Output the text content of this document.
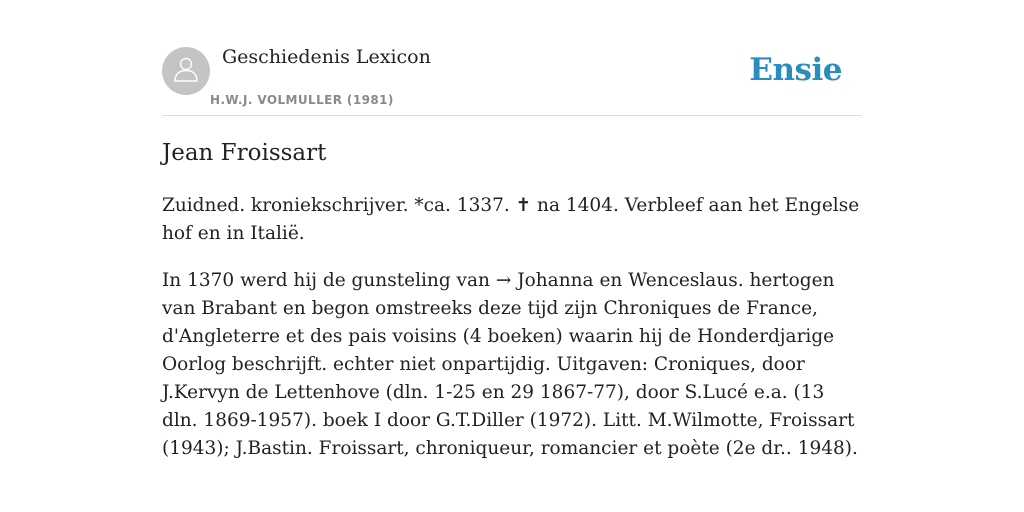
Geschiedenis Lexicon
H.W.J. VOLMULLER (1981)
Ensie
Jean Froissart

Zuidned. kroniekschrijver. *ca. 1337. ✝ na 1404. Verbleef aan het Engelse hof en in Italië.

In 1370 werd hij de gunsteling van → Johanna en Wenceslaus. hertogen van Brabant en begon omstreeks deze tijd zijn Chroniques de France, d'Angleterre et des pais voisins (4 boeken) waarin hij de Honderdjarige Oorlog beschrijft. echter niet onpartijdig. Uitgaven: Croniques, door J.Kervyn de Lettenhove (dln. 1-25 en 29 1867-77), door S.Lucé e.a. (13 dln. 1869-1957). boek I door G.T.Diller (1972). Litt. M.Wilmotte, Froissart (1943); J.Bastin. Froissart, chroniqueur, romancier et poète (2e dr.. 1948).
